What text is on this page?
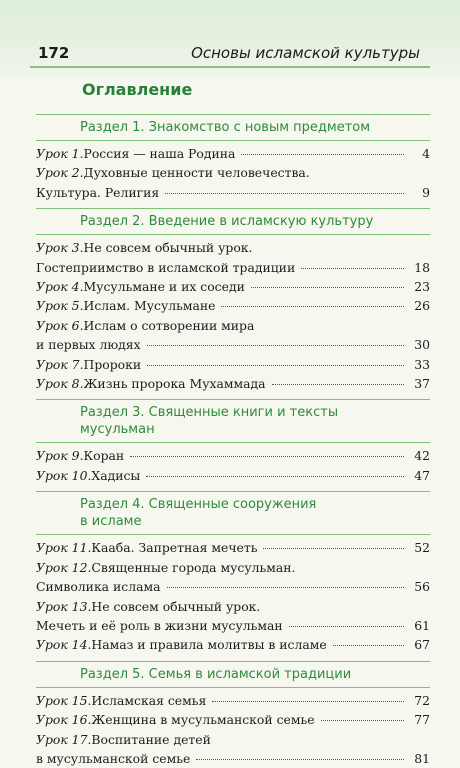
172	Основы исламской культуры
Оглавление
Раздел 1. Знакомство с новым предметом
Урок 1. Россия — наша Родина	4
Урок 2. Духовные ценности человечества.
Культура. Религия	9
Раздел 2. Введение в исламскую культуру
Урок 3. Не совсем обычный урок.
Гостеприимство в исламской традиции	18
Урок 4. Мусульмане и их соседи	23
Урок 5. Ислам. Мусульмане	26
Урок 6. Ислам о сотворении мира
и первых людях	30
Урок 7. Пророки	33
Урок 8. Жизнь пророка Мухаммада	37
Раздел 3. Священные книги и тексты
мусульман
Урок 9. Коран	42
Урок 10. Хадисы	47
Раздел 4. Священные сооружения
в исламе
Урок 11. Кааба. Запретная мечеть	52
Урок 12. Священные города мусульман.
Символика ислама	56
Урок 13. Не совсем обычный урок.
Мечеть и её роль в жизни мусульман	61
Урок 14. Намаз и правила молитвы в исламе	67
Раздел 5. Семья в исламской традиции
Урок 15. Исламская семья	72
Урок 16. Женщина в мусульманской семье	77
Урок 17. Воспитание детей
в мусульманской семье	81
